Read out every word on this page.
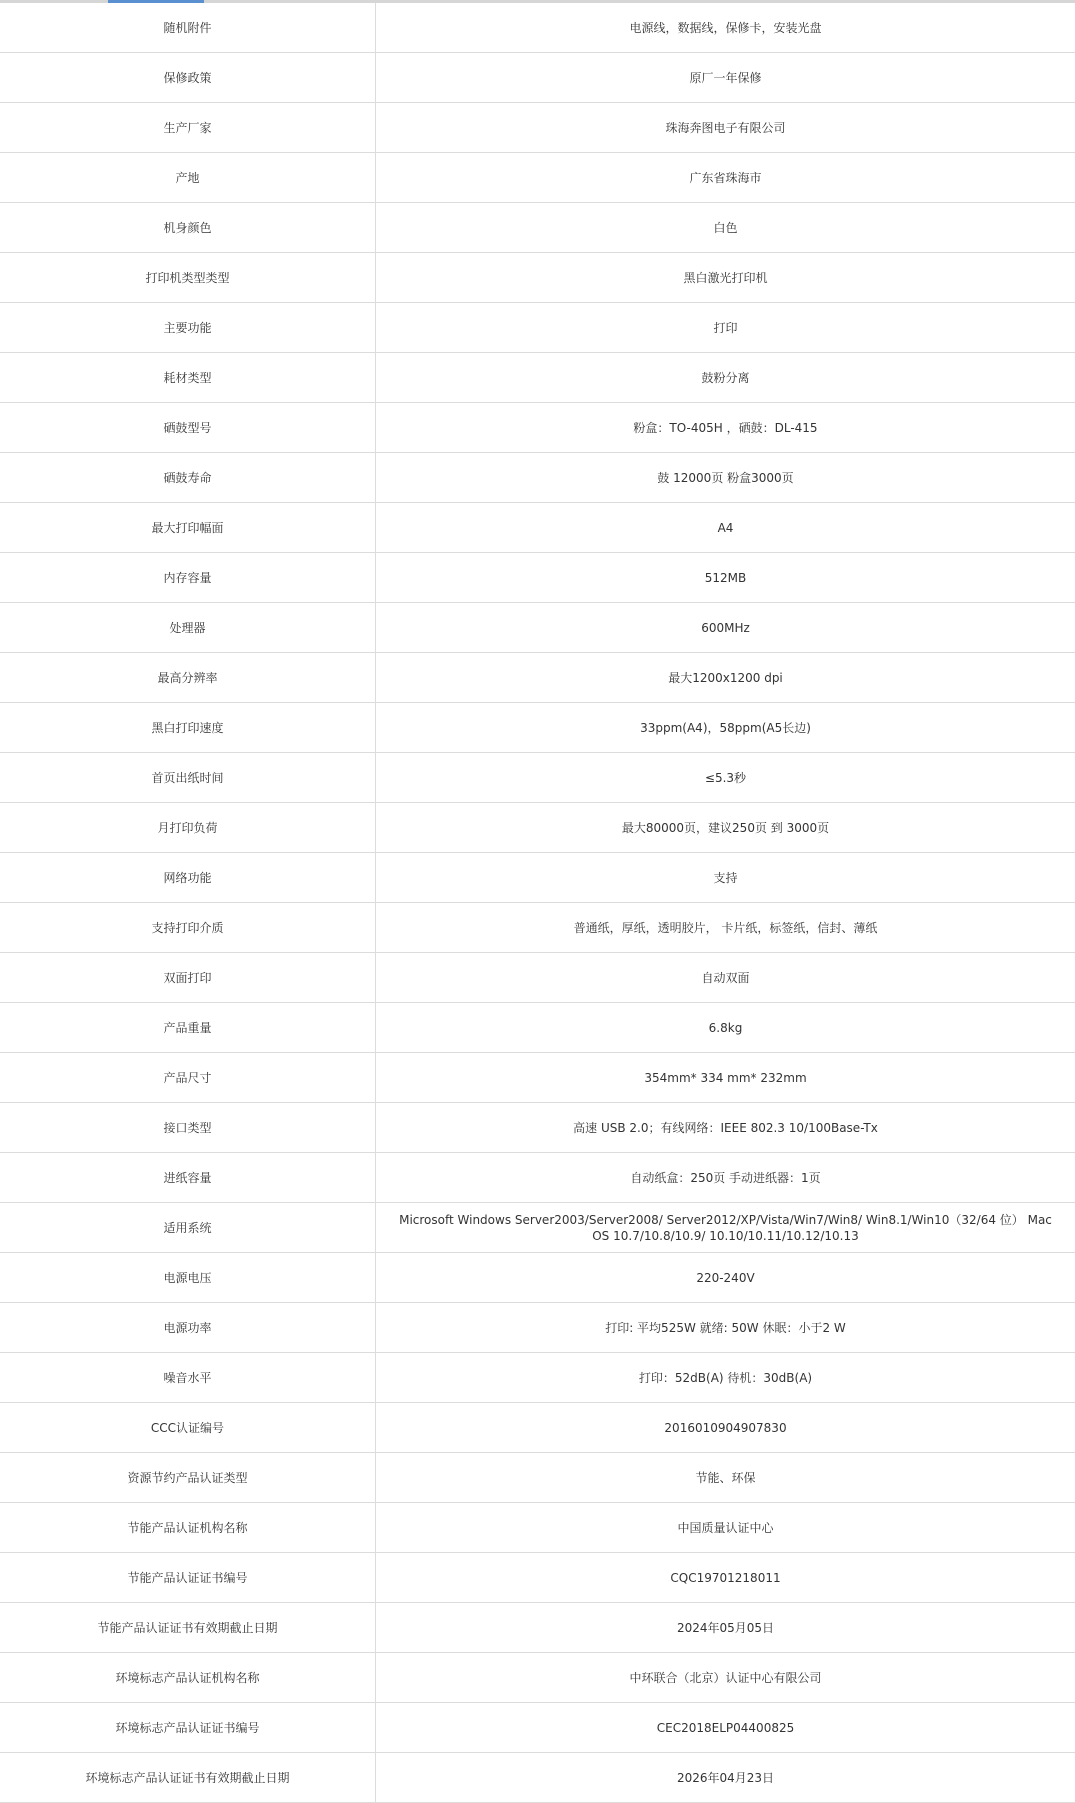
随机附件	电源线，数据线，保修卡，安装光盘
保修政策	原厂一年保修
生产厂家	珠海奔图电子有限公司
产地	广东省珠海市
机身颜色	白色
打印机类型类型	黑白激光打印机
主要功能	打印
耗材类型	鼓粉分离
硒鼓型号	粉盒：TO-405H ，硒鼓：DL-415
硒鼓寿命	鼓 12000页 粉盒3000页
最大打印幅面	A4
内存容量	512MB
处理器	600MHz
最高分辨率	最大1200x1200 dpi
黑白打印速度	33ppm(A4)，58ppm(A5长边)
首页出纸时间	≤5.3秒
月打印负荷	最大80000页，建议250页 到 3000页
网络功能	支持
支持打印介质	普通纸，厚纸，透明胶片， 卡片纸，标签纸，信封、薄纸
双面打印	自动双面
产品重量	6.8kg
产品尺寸	354mm* 334 mm* 232mm
接口类型	高速 USB 2.0；有线网络：IEEE 802.3 10/100Base-Tx
进纸容量	自动纸盒：250页 手动进纸器：1页
适用系统	Microsoft Windows Server2003/Server2008/ Server2012/XP/Vista/Win7/Win8/ Win8.1/Win10（32/64 位） Mac OS 10.7/10.8/10.9/ 10.10/10.11/10.12/10.13
电源电压	220-240V
电源功率	打印: 平均525W 就绪: 50W 休眠：小于2 W
噪音水平	打印：52dB(A) 待机：30dB(A)
CCC认证编号	2016010904907830
资源节约产品认证类型	节能、环保
节能产品认证机构名称	中国质量认证中心
节能产品认证证书编号	CQC19701218011
节能产品认证证书有效期截止日期	2024年05月05日
环境标志产品认证机构名称	中环联合（北京）认证中心有限公司
环境标志产品认证证书编号	CEC2018ELP04400825
环境标志产品认证证书有效期截止日期	2026年04月23日
